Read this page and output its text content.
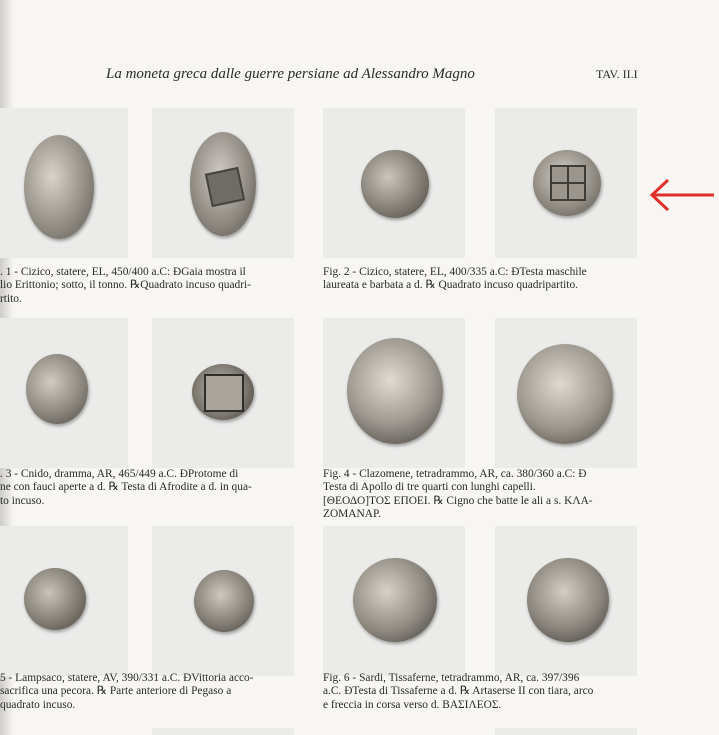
La moneta greca dalle guerre persiane ad Alessandro Magno	TAV. II.I
. 1 - Cizico, statere, EL, 450/400 a.C: ĐGaia mostra il
lio Erittonio; sotto, il tonno. ℞Quadrato incuso quadri-
rtito.
Fig. 2 - Cizico, statere, EL, 400/335 a.C: ĐTesta maschile
laureata e barbata a d. ℞ Quadrato incuso quadripartito.
. 3 - Cnido, dramma, AR, 465/449 a.C. ĐProtome di
ne con fauci aperte a d. ℞ Testa di Afrodite a d. in qua-
to incuso.
Fig. 4 - Clazomene, tetradrammo, AR, ca. 380/360 a.C: Đ
Testa di Apollo di tre quarti con lunghi capelli.
[ΘΕΟΔΟ]ΤΟΣ ΕΠΟΕΙ. ℞ Cigno che batte le ali a s. ΚΛΑ-
ΖΟΜΑΝΑΡ.
5 - Lampsaco, statere, AV, 390/331 a.C. ĐVittoria acco-
sacrifica una pecora. ℞ Parte anteriore di Pegaso a
quadrato incuso.
Fig. 6 - Sardi, Tissaferne, tetradrammo, AR, ca. 397/396
a.C. ĐTesta di Tissaferne a d. ℞ Artaserse II con tiara, arco
e freccia in corsa verso d. ΒΑΣΙΛΕΟΣ.
